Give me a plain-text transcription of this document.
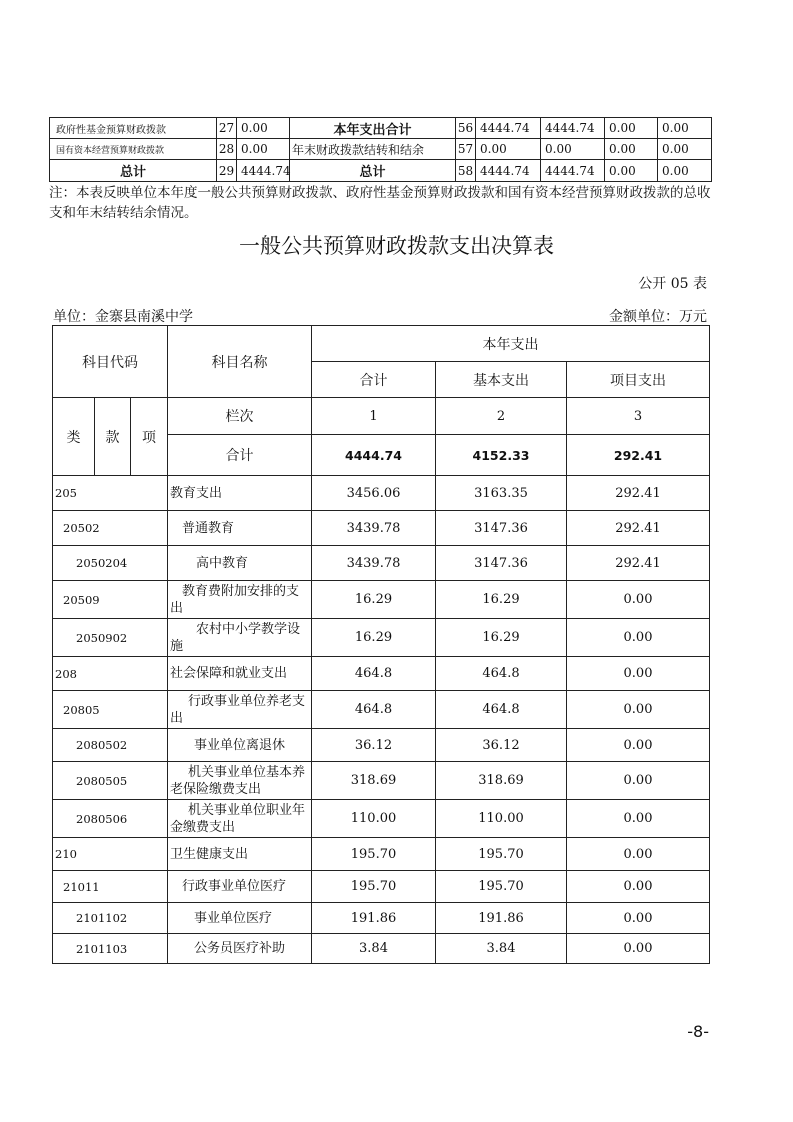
政府性基金预算财政拨款	27	0.00	本年支出合计	56	4444.74	4444.74	0.00	0.00
国有资本经营预算财政拨款	28	0.00	年末财政拨款结转和结余	57	0.00	0.00	0.00	0.00
总计	29	4444.74	总计	58	4444.74	4444.74	0.00	0.00
注：本表反映单位本年度一般公共预算财政拨款、政府性基金预算财政拨款和国有资本经营预算财政拨款的总收支和年末结转结余情况。
一般公共预算财政拨款支出决算表
公开 05 表
单位：金寨县南溪中学	金额单位：万元
科目代码			科目名称	本年支出		
				合计	基本支出	项目支出
类	款	项	栏次	1	2	3
			合计	4444.74	4152.33	292.41
205			教育支出	3456.06	3163.35	292.41
20502			普通教育	3439.78	3147.36	292.41
2050204			高中教育	3439.78	3147.36	292.41
20509			教育费附加安排的支出	16.29	16.29	0.00
2050902			农村中小学教学设施	16.29	16.29	0.00
208			社会保障和就业支出	464.8	464.8	0.00
20805			行政事业单位养老支出	464.8	464.8	0.00
2080502			事业单位离退休	36.12	36.12	0.00
2080505			机关事业单位基本养老保险缴费支出	318.69	318.69	0.00
2080506			机关事业单位职业年金缴费支出	110.00	110.00	0.00
210			卫生健康支出	195.70	195.70	0.00
21011			行政事业单位医疗	195.70	195.70	0.00
2101102			事业单位医疗	191.86	191.86	0.00
2101103			公务员医疗补助	3.84	3.84	0.00
-8-
